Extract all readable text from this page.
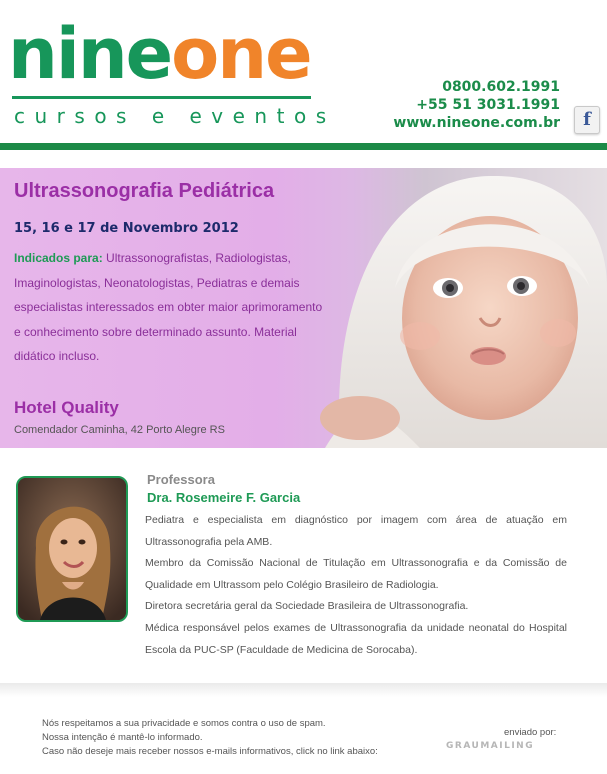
nineone
cursos e eventos
0800.602.1991
+55 51 3031.1991
www.nineone.com.br	f
Ultrassonografia Pediátrica
15, 16 e 17 de Novembro 2012
Indicados para: Ultrassonografistas, Radiologistas, Imaginologistas, Neonatologistas, Pediatras e demais especialistas interessados em obter maior aprimoramento e conhecimento sobre determinado assunto. Material didático incluso.
Hotel Quality
Comendador Caminha, 42 Porto Alegre RS
Professora
Dra. Rosemeire F. Garcia

Pediatra e especialista em diagnóstico por imagem com área de atuação em Ultrassonografia pela AMB.

Membro da Comissão Nacional de Titulação em Ultrassonografia e da Comissão de Qualidade em Ultrassom pelo Colégio Brasileiro de Radiologia.

Diretora secretária geral da Sociedade Brasileira de Ultrassonografia.

Médica responsável pelos exames de Ultrassonografia da unidade neonatal do Hospital Escola da PUC-SP (Faculdade de Medicina de Sorocaba).

Nós respeitamos a sua privacidade e somos contra o uso de spam.
Nossa intenção é mantê-lo informado.
Caso não deseje mais receber nossos e-mails informativos, click no link abaixo:
enviado por:
GRAUMAILING
